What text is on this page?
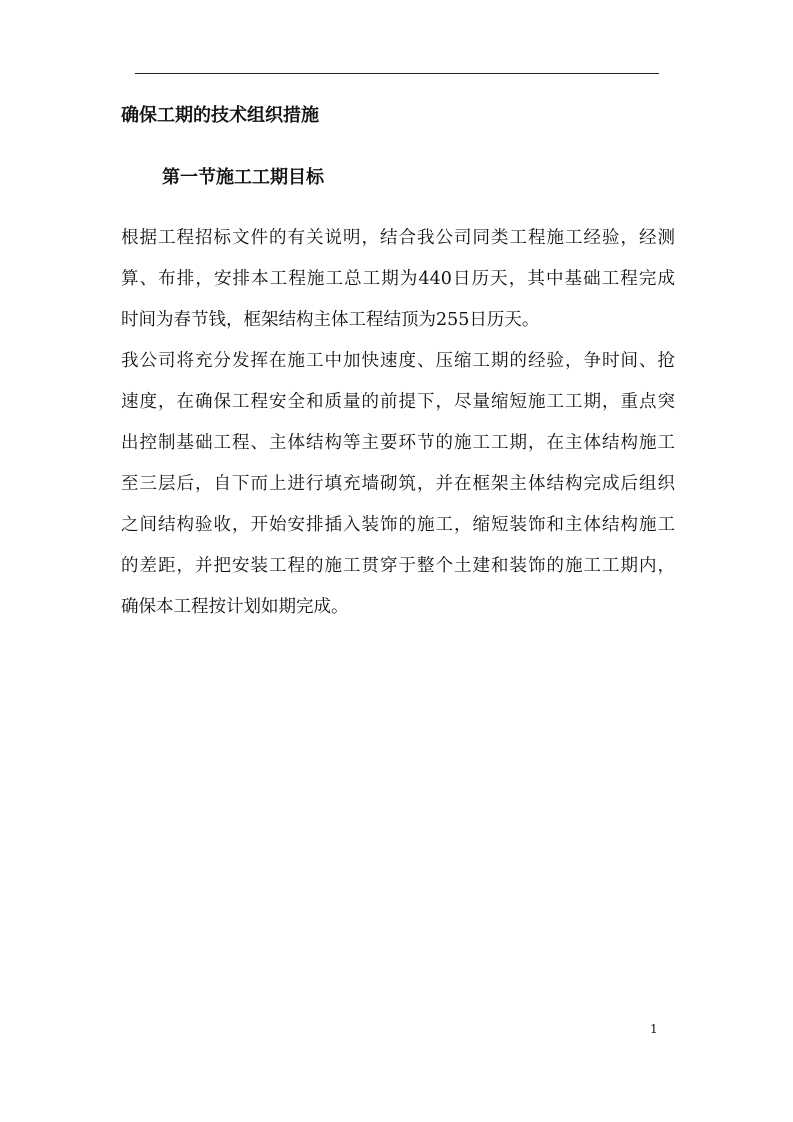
确保工期的技术组织措施
第一节施工工期目标
根据工程招标文件的有关说明，结合我公司同类工程施工经验，经测
算、布排，安排本工程施工总工期为440日历天，其中基础工程完成
时间为春节钱，框架结构主体工程结顶为255日历天。
我公司将充分发挥在施工中加快速度、压缩工期的经验，争时间、抢
速度，在确保工程安全和质量的前提下，尽量缩短施工工期，重点突
出控制基础工程、主体结构等主要环节的施工工期，在主体结构施工
至三层后，自下而上进行填充墙砌筑，并在框架主体结构完成后组织
之间结构验收，开始安排插入装饰的施工，缩短装饰和主体结构施工
的差距，并把安装工程的施工贯穿于整个土建和装饰的施工工期内，
确保本工程按计划如期完成。
1
